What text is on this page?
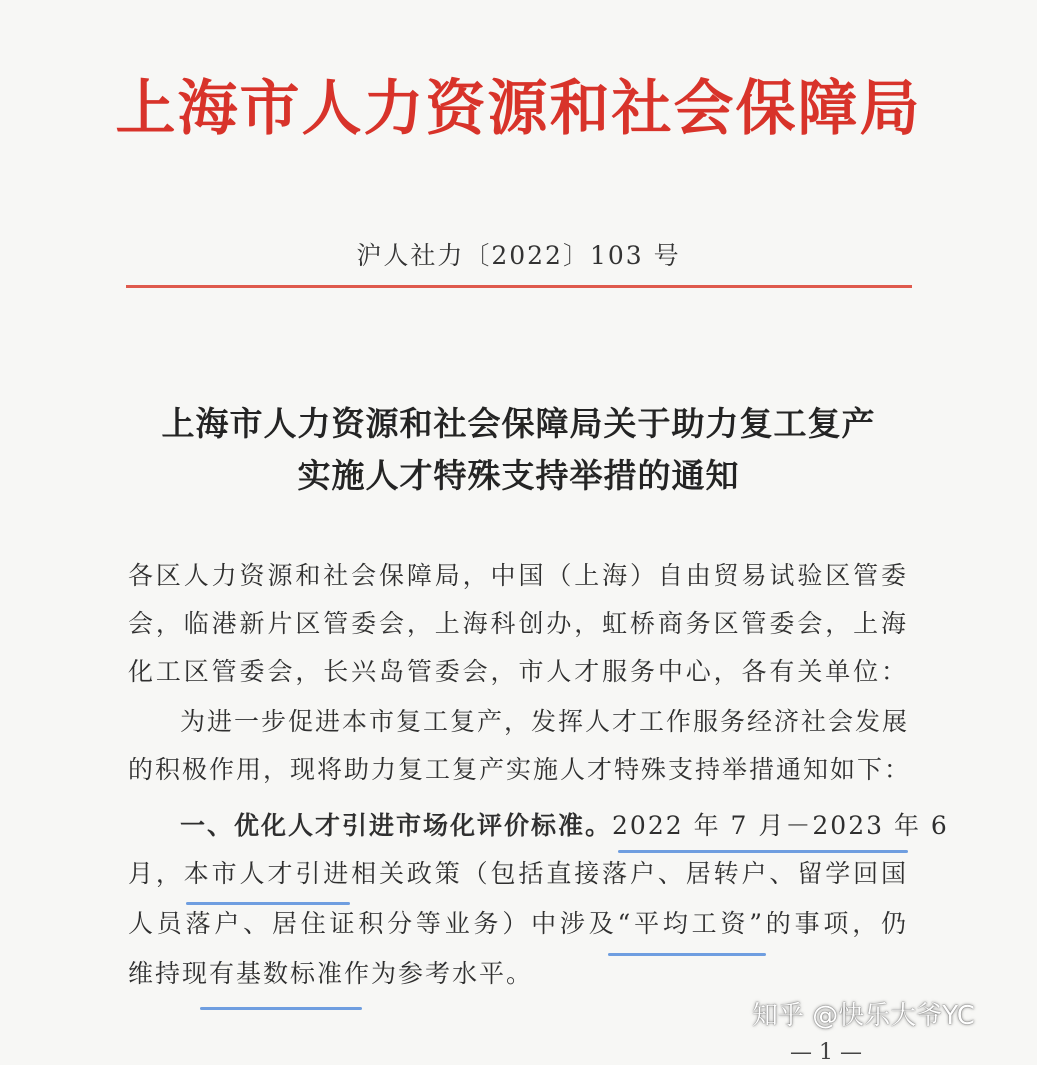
上海市人力资源和社会保障局
沪人社力〔2022〕103 号
上海市人力资源和社会保障局关于助力复工复产
实施人才特殊支持举措的通知
各区人力资源和社会保障局，中国（上海）自由贸易试验区管委
会，临港新片区管委会，上海科创办，虹桥商务区管委会，上海
化工区管委会，长兴岛管委会，市人才服务中心，各有关单位：
为进一步促进本市复工复产，发挥人才工作服务经济社会发展
的积极作用，现将助力复工复产实施人才特殊支持举措通知如下：
一、优化人才引进市场化评价标准。 2022 年 7 月－2023 年 6
月，本市人才引进相关政策（包括直接落户、居转户、留学回国
人员落户、居住证积分等业务）中涉及“平均工资”的事项，仍
维持现有基数标准作为参考水平。
知乎 @快乐大爷YC
— 1 —
